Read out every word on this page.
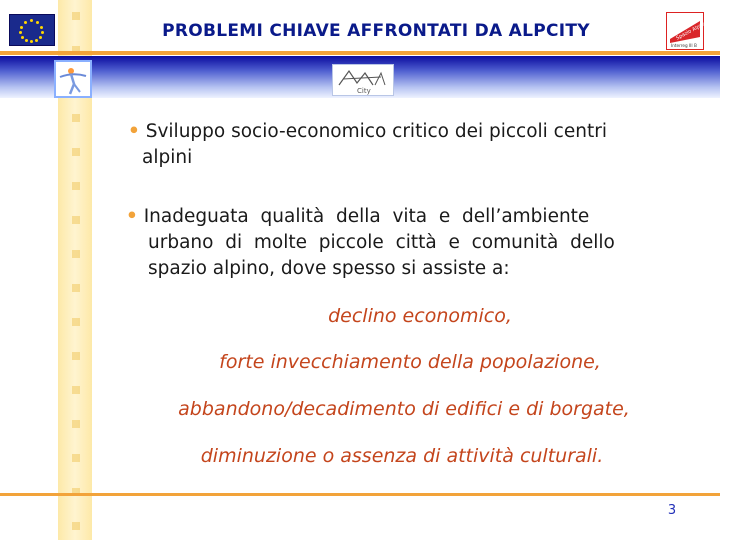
PROBLEMI CHIAVE AFFRONTATI DA ALPCITY	Spazio Alpino
Interreg III B
City
• Sviluppo socio-economico critico dei piccoli centri
alpini
• Inadeguata  qualità  della  vita  e  dell’ambiente
urbano  di  molte  piccole  città  e  comunità  dello
spazio alpino, dove spesso si assiste a:
declino economico,
forte invecchiamento della popolazione,
abbandono/decadimento di edifici e di borgate,
diminuzione o assenza di attività culturali.
3
